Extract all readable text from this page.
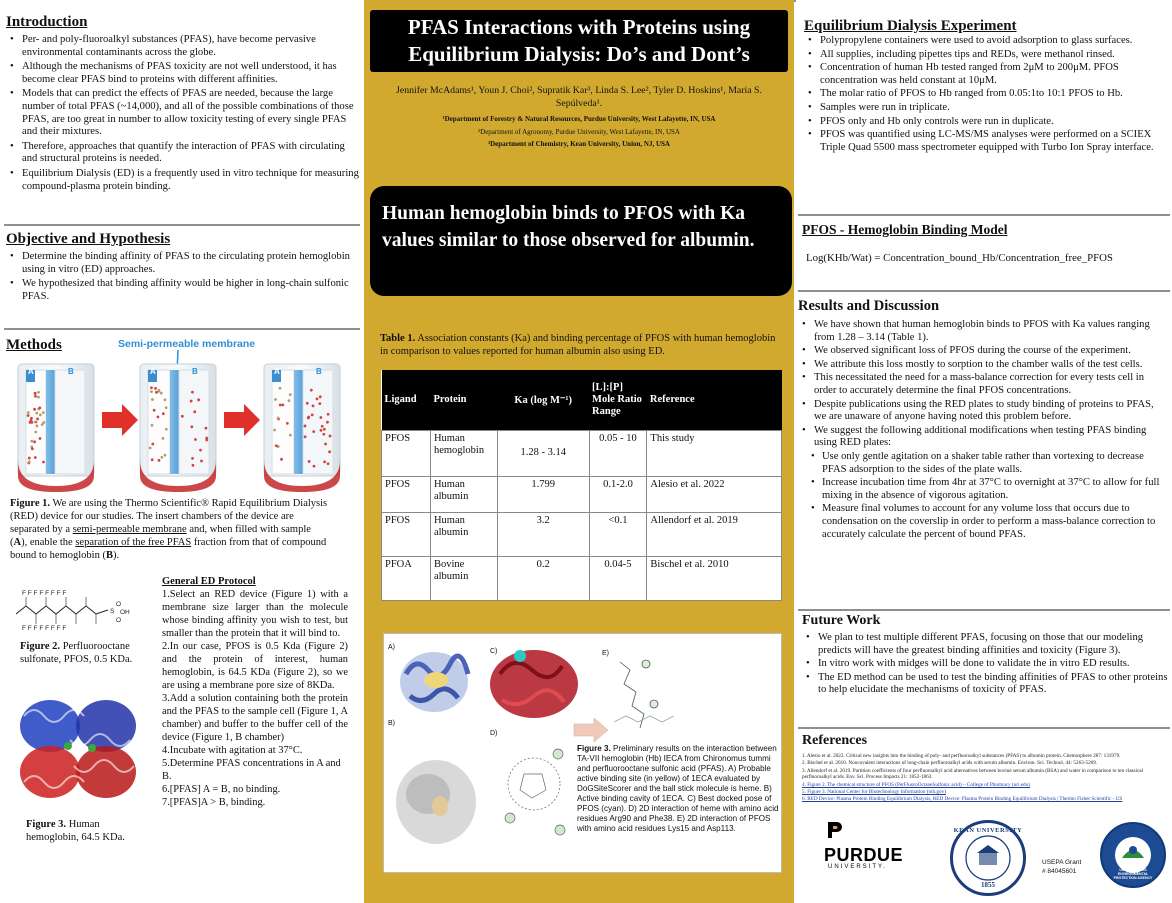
Introduction
• Per- and poly-fluoroalkyl substances (PFAS), have become pervasive environmental contaminants across the globe.
• Although the mechanisms of PFAS toxicity are not well understood, it has become clear PFAS bind to proteins with different affinities.
• Models that can predict the effects of PFAS are needed, because the large number of total PFAS (~14,000), and all of the possible combinations of those PFAS, are too great in number to allow toxicity testing of every single PFAS and their mixtures.
• Therefore, approaches that quantify the interaction of PFAS with circulating and structural proteins is needed.
• Equilibrium Dialysis (ED) is a frequently used in vitro technique for measuring compound-plasma protein binding.
Objective and Hypothesis
• Determine the binding affinity of PFAS to the circulating protein hemoglobin using in vitro (ED) approaches.
• We hypothesized that binding affinity would be higher in long-chain sulfonic PFAS.
Methods	Semi-permeable membrane
A	B	A	B	A	B
Figure 1. We are using the Thermo Scientific® Rapid Equilibrium Dialysis (RED) device for our studies. The insert chambers of the device are separated by a semi-permeable membrane and, when filled with sample (A), enable the separation of the free PFAS fraction from that of compound bound to hemoglobin (B).
F F F F F F F F
F F F F F F F F
S
O
O
OH
Figure 2. Perfluorooctane sulfonate, PFOS, 0.5 KDa.
Figure 3. Human hemoglobin, 64.5 KDa.
General ED Protocol
1.Select an RED device (Figure 1) with a membrane size larger than the molecule whose binding affinity you wish to test, but smaller than the protein that it will bind to.
2.In our case, PFOS is 0.5 Kda (Figure 2) and the protein of interest, human hemoglobin, is 64.5 KDa (Figure 2), so we are using a membrane pore size of 8KDa.
3.Add a solution containing both the protein and the PFAS to the sample cell (Figure 1, A chamber) and buffer to the buffer cell of the device (Figure 1, B chamber)
4.Incubate with agitation at 37°C.
5.Determine PFAS concentrations in A and B.
6.[PFAS] A = B, no binding.
7.[PFAS]A > B, binding.
PFAS Interactions with Proteins using Equilibrium Dialysis: Do’s and Dont’s
Jennifer McAdams¹, Youn J. Choi², Supratik Kar³, Linda S. Lee², Tyler D. Hoskins¹, Maria S. Sepúlveda¹.
¹Department of Forestry & Natural Resources, Purdue University, West Lafayette, IN, USA
²Department of Agronomy, Purdue University, West Lafayette, IN, USA
³Department of Chemistry, Kean University, Union, NJ, USA
Human hemoglobin binds to PFOS with Ka values similar to those observed for albumin.
Table 1. Association constants (Ka) and binding percentage of PFOS with human hemoglobin in comparison to values reported for human albumin also using ED.
Ligand	Protein	Ka (log M⁻¹)	[L]:[P] Mole Ratio Range	Reference
PFOS	Human hemoglobin	1.28 - 3.14	0.05 - 10	This study
PFOS	Human albumin	1.799	0.1-2.0	Alesio et al. 2022
PFOS	Human albumin	3.2	<0.1	Allendorf et al. 2019
PFOA	Bovine albumin	0.2	0.04-5	Bischel et al. 2010
A)
B)
C)
D)
E)
Figure 3. Preliminary results on the interaction between TA-VII hemoglobin (Hb) IECA from Chironomus tummi and perfluorooctane sulfonic acid (PFAS). A) Probable active binding site (in yellow) of 1ECA evaluated by DoGSiteScorer and the ball stick molecule is heme. B) Active binding cavity of 1ECA. C) Best docked pose of PFOS (cyan). D) 2D interaction of heme with amino acid residues Arg90 and Phe38. E) 2D interaction of PFOS with amino acid residues Lys15 and Asp113.
Equilibrium Dialysis Experiment
• Polypropylene containers were used to avoid adsorption to glass surfaces.
• All supplies, including pipettes tips and REDs, were methanol rinsed.
• Concentration of human Hb tested ranged from 2μM to 200μM. PFOS concentration was held constant at 10μM.
• The molar ratio of PFOS to Hb ranged from 0.05:1to 10:1 PFOS to Hb.
• Samples were run in triplicate.
• PFOS only and Hb only controls were run in duplicate.
• PFOS was quantified using LC-MS/MS analyses were performed on a SCIEX Triple Quad 5500 mass spectrometer equipped with Turbo Ion Spray interface.
PFOS - Hemoglobin Binding Model
Log(KHb/Wat) = Concentration_bound_Hb/Concentration_free_PFOS
Results and Discussion
• We have shown that human hemoglobin binds to PFOS with Ka values ranging from 1.28 – 3.14 (Table 1).
• We observed significant loss of PFOS during the course of the experiment.
• We attribute this loss mostly to sorption to the chamber walls of the test cells.
• This necessitated the need for a mass-balance correction for every tests cell in order to accurately determine the final PFOS concentrations.
• Despite publications using the RED plates to study binding of proteins to PFAS, we are unaware of anyone having noted this problem before.
• We suggest the following additional modifications when testing PFAS binding using RED plates:
• Use only gentle agitation on a shaker table rather than vortexing to decrease PFAS adsorption to the sides of the plate walls.
• Increase incubation time from 4hr at 37°C to overnight at 37°C to allow for full mixing in the absence of vigorous agitation.
• Measure final volumes to account for any volume loss that occurs due to condensation on the coverslip in order to perform a mass-balance correction to accurately calculate the percent of bound PFAS.
Future Work
• We plan to test multiple different PFAS, focusing on those that our modeling predicts will have the greatest binding affinities and toxicity (Figure 3).
• In vitro work with midges will be done to validate the in vitro ED results.
• The ED method can be used to test the binding affinities of PFAS to other proteins to help elucidate the mechanisms of toxicity of PFAS.
References
1. Alesio et al. 2022. Critical new insights into the binding of poly- and perfluoroalkyl substances (PFAS) to albumin protein. Chemosphere 287: 131979.
2. Bischel et al. 2010. Noncovalent interactions of long-chain perfluoroalkyl acids with serum albumin. Environ. Sci. Technol. 44: 5263-5269.
3. Allendorf et al. 2019. Partition coefficients of four perfluoroalkyl acid alternatives between bovine serum albumin (BSA) and water in comparison to ten classical perfluoroalkyl acids. Env. Sci. Process Impacts 21: 1852-1863.
4. Figure 2. The chemical structure of PFOS (PerFluoroOctaneSulfonic acid) – College of Pharmacy (uri.edu)
5. Figure 3. National Center for Biotechnology Information (nih.gov)
6. RED Device: Plasma Protein Binding Equilibrium Dialysis, RED Device: Plasma Protein Binding Equilibrium Dialysis | Thermo Fisher Scientific - US
PURDUE
UNIVERSITY.
KEAN UNIVERSITY
1855
USEPA Grant
# 84045601	UNITED STATES ENVIRONMENTAL PROTECTION AGENCY
